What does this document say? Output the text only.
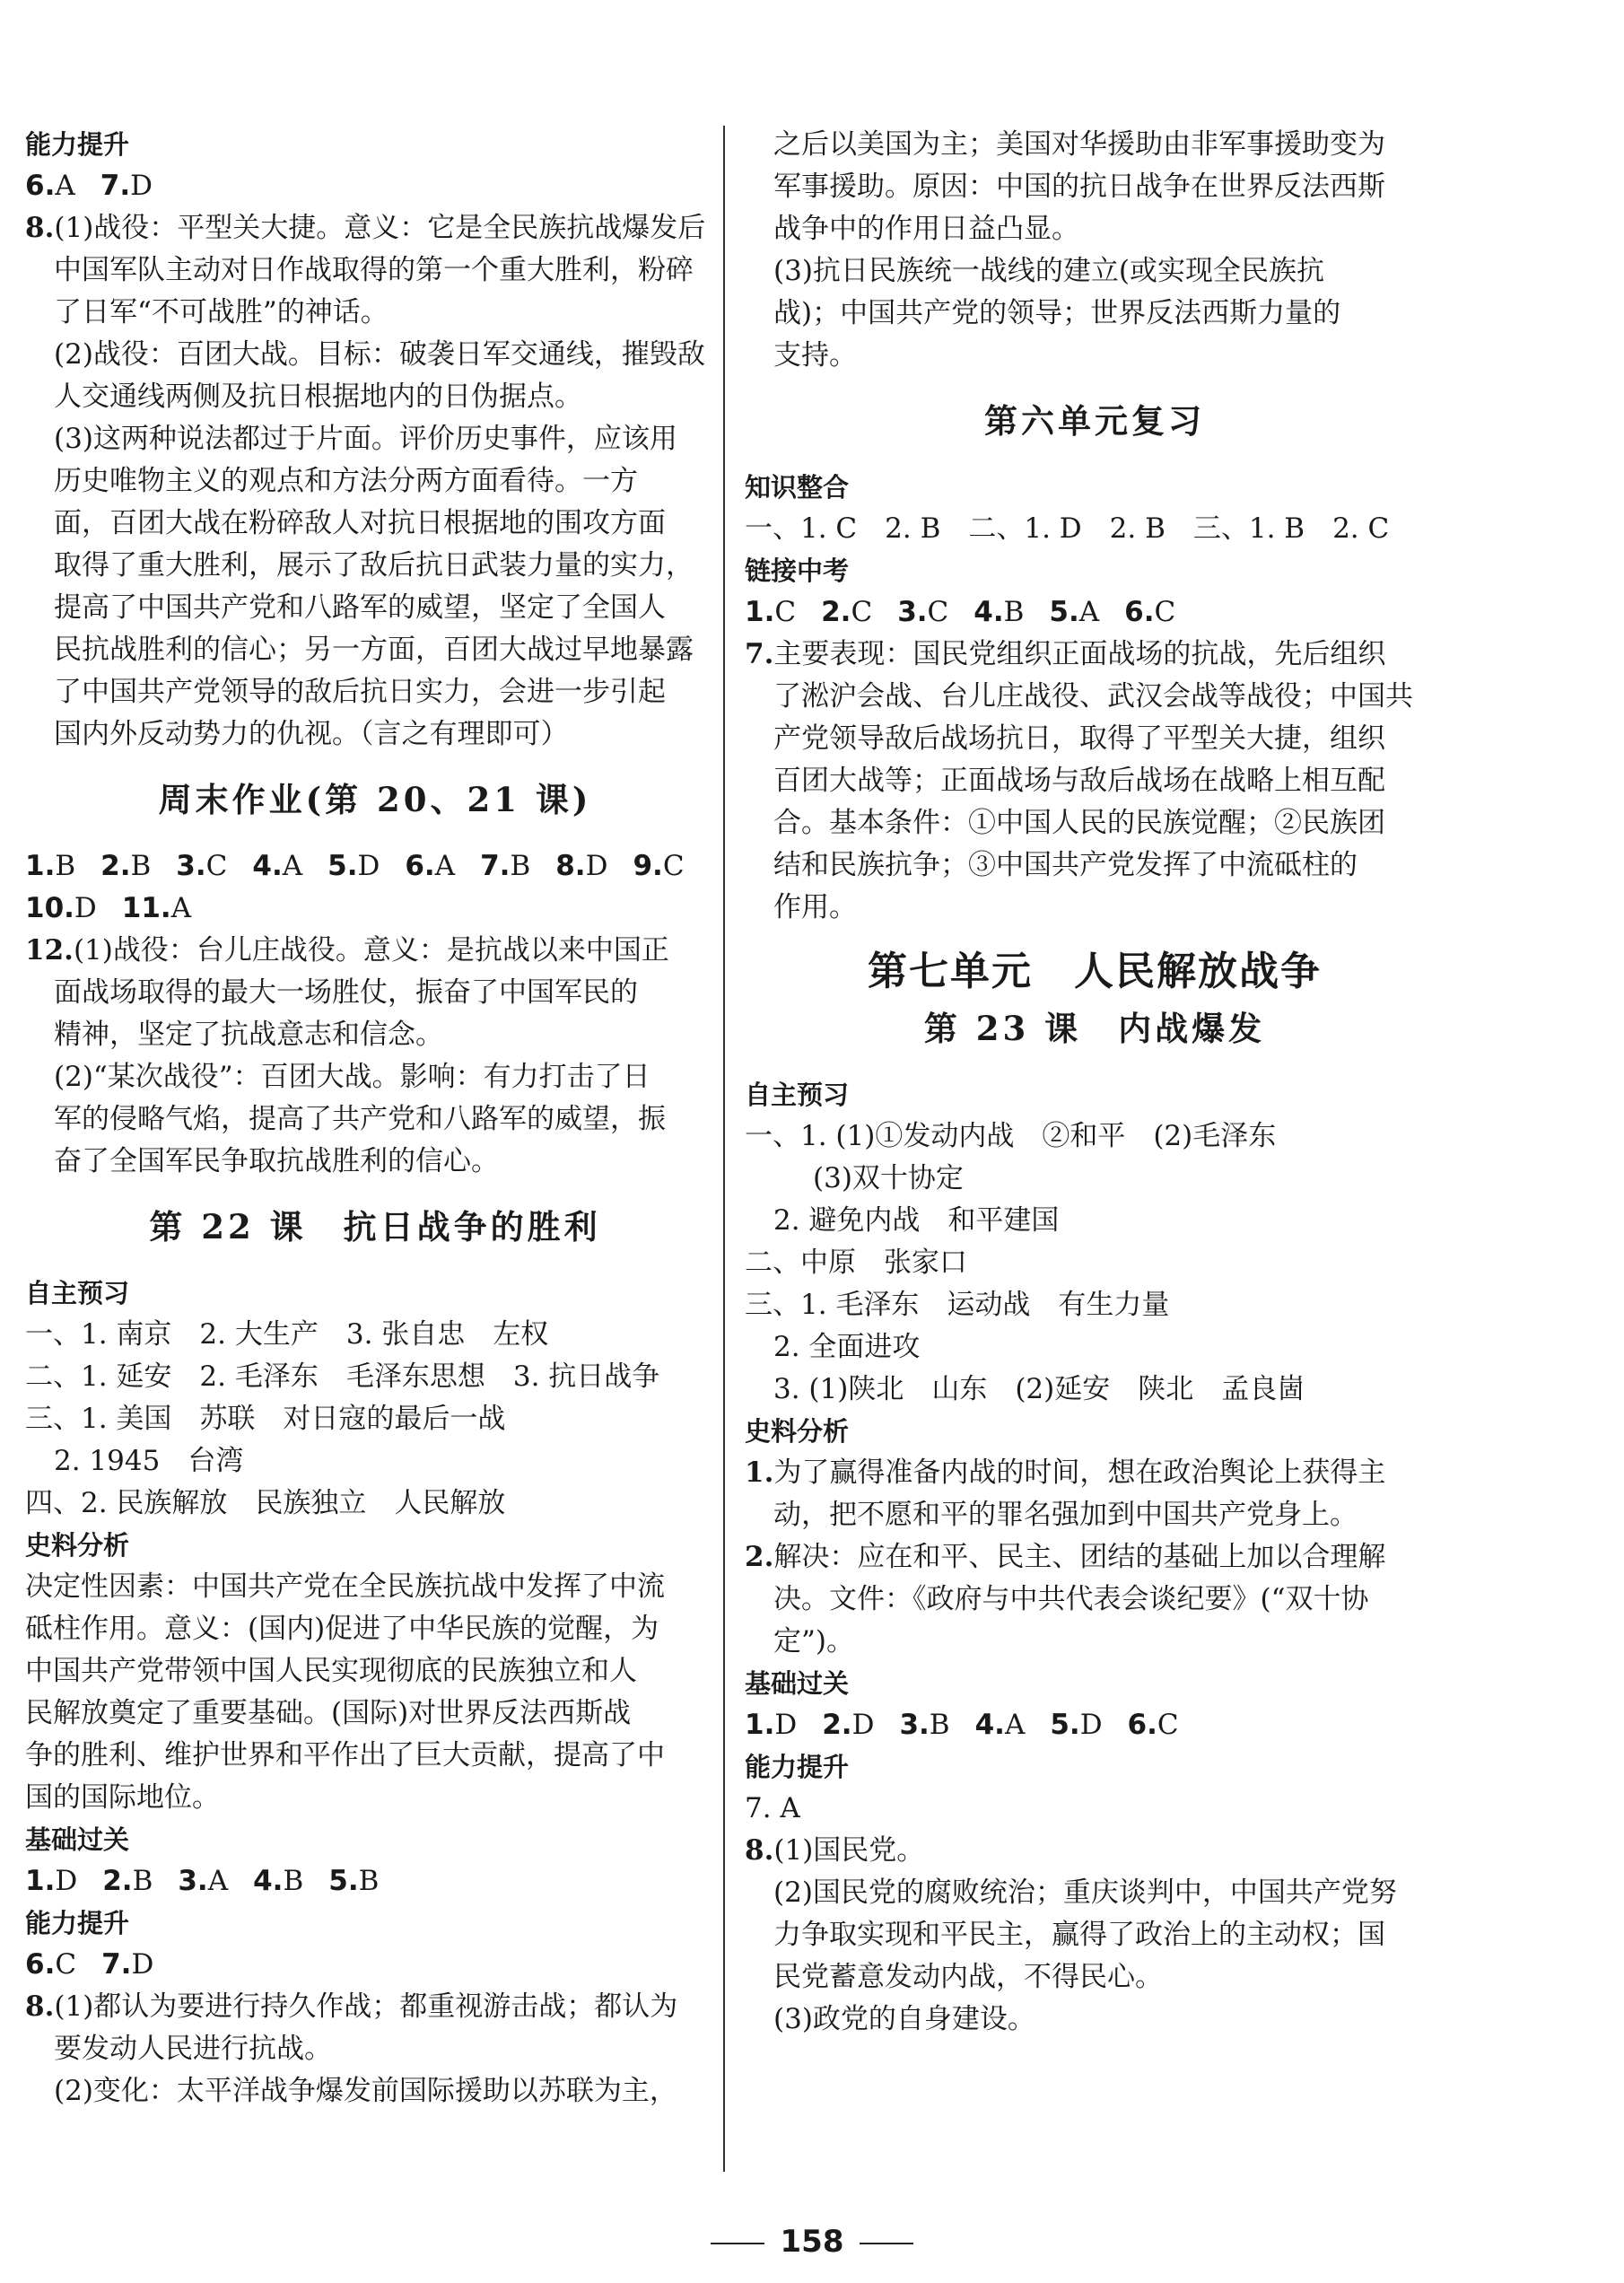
能力提升
6.A 7.D
8.(1)战役：平型关大捷。意义：它是全民族抗战爆发后
中国军队主动对日作战取得的第一个重大胜利，粉碎
了日军“不可战胜”的神话。
(2)战役：百团大战。目标：破袭日军交通线，摧毁敌
人交通线两侧及抗日根据地内的日伪据点。
(3)这两种说法都过于片面。评价历史事件，应该用
历史唯物主义的观点和方法分两方面看待。一方
面，百团大战在粉碎敌人对抗日根据地的围攻方面
取得了重大胜利，展示了敌后抗日武装力量的实力，
提高了中国共产党和八路军的威望，坚定了全国人
民抗战胜利的信心；另一方面，百团大战过早地暴露
了中国共产党领导的敌后抗日实力，会进一步引起
国内外反动势力的仇视。（言之有理即可）
周末作业(第 20、21 课)
1.B 2.B 3.C 4.A 5.D 6.A 7.B 8.D 9.C
10.D 11.A
12.(1)战役：台儿庄战役。意义：是抗战以来中国正
面战场取得的最大一场胜仗，振奋了中国军民的
精神，坚定了抗战意志和信念。
(2)“某次战役”：百团大战。影响：有力打击了日
军的侵略气焰，提高了共产党和八路军的威望，振
奋了全国军民争取抗战胜利的信心。
第 22 课　抗日战争的胜利
自主预习
一、1. 南京　2. 大生产　3. 张自忠　左权
二、1. 延安　2. 毛泽东　毛泽东思想　3. 抗日战争
三、1. 美国　苏联　对日寇的最后一战
2. 1945　台湾
四、2. 民族解放　民族独立　人民解放
史料分析
决定性因素：中国共产党在全民族抗战中发挥了中流
砥柱作用。意义：(国内)促进了中华民族的觉醒，为
中国共产党带领中国人民实现彻底的民族独立和人
民解放奠定了重要基础。(国际)对世界反法西斯战
争的胜利、维护世界和平作出了巨大贡献，提高了中
国的国际地位。
基础过关
1.D 2.B 3.A 4.B 5.B
能力提升
6.C 7.D
8.(1)都认为要进行持久作战；都重视游击战；都认为
要发动人民进行抗战。
(2)变化：太平洋战争爆发前国际援助以苏联为主，
之后以美国为主；美国对华援助由非军事援助变为
军事援助。原因：中国的抗日战争在世界反法西斯
战争中的作用日益凸显。
(3)抗日民族统一战线的建立(或实现全民族抗
战)；中国共产党的领导；世界反法西斯力量的
支持。
第六单元复习
知识整合
一、1. C　2. B　二、1. D　2. B　三、1. B　2. C
链接中考
1.C 2.C 3.C 4.B 5.A 6.C
7.主要表现：国民党组织正面战场的抗战，先后组织
了淞沪会战、台儿庄战役、武汉会战等战役；中国共
产党领导敌后战场抗日，取得了平型关大捷，组织
百团大战等；正面战场与敌后战场在战略上相互配
合。基本条件：①中国人民的民族觉醒；②民族团
结和民族抗争；③中国共产党发挥了中流砥柱的
作用。
第七单元　人民解放战争
第 23 课　内战爆发
自主预习
一、1. (1)①发动内战　②和平　(2)毛泽东
(3)双十协定
2. 避免内战　和平建国
二、中原　张家口
三、1. 毛泽东　运动战　有生力量
2. 全面进攻
3. (1)陕北　山东　(2)延安　陕北　孟良崮
史料分析
1.为了赢得准备内战的时间，想在政治舆论上获得主
动，把不愿和平的罪名强加到中国共产党身上。
2.解决：应在和平、民主、团结的基础上加以合理解
决。文件：《政府与中共代表会谈纪要》(“双十协
定”)。
基础过关
1.D 2.D 3.B 4.A 5.D 6.C
能力提升
7. A
8.(1)国民党。
(2)国民党的腐败统治；重庆谈判中，中国共产党努
力争取实现和平民主，赢得了政治上的主动权；国
民党蓄意发动内战，不得民心。
(3)政党的自身建设。
158
